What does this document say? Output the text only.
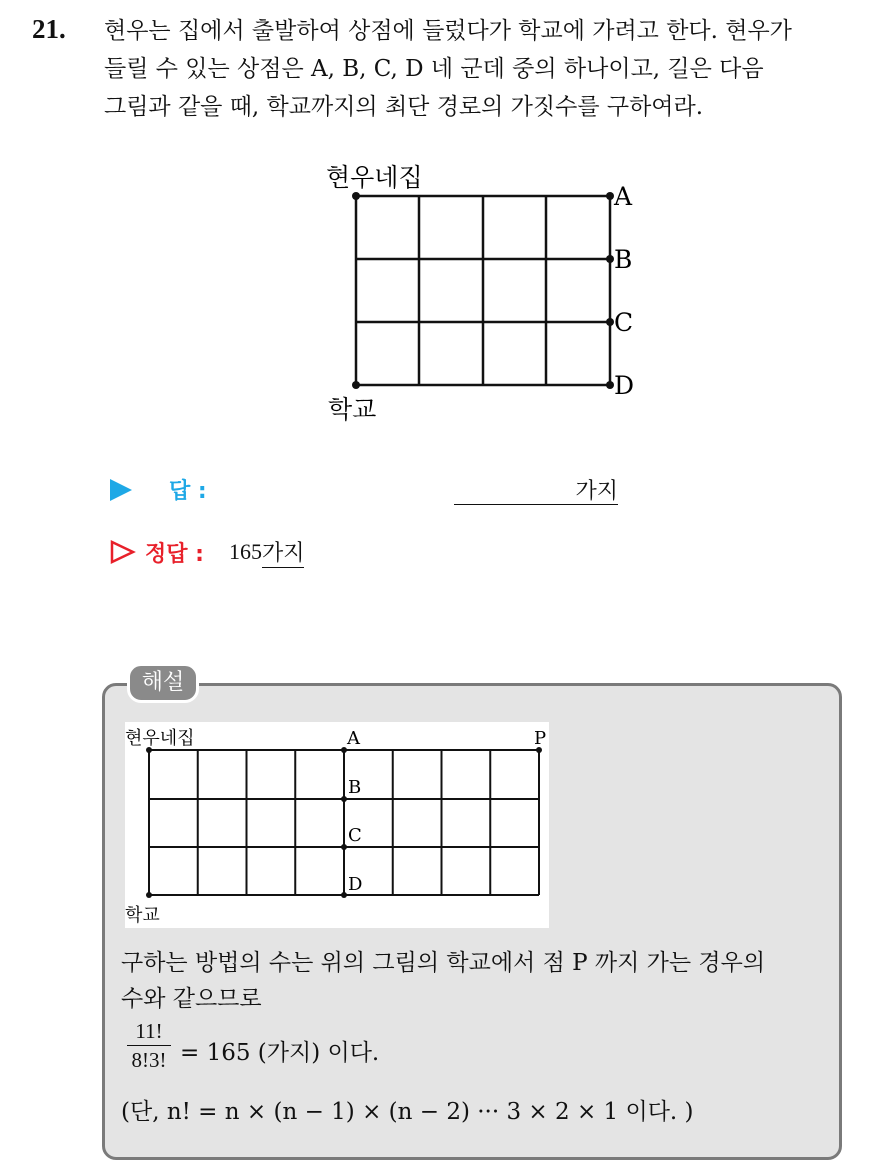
21. 현우는 집에서 출발하여 상점에 들렀다가 학교에 가려고 한다. 현우가

들릴 수 있는 상점은 A, B, C, D 네 군데 중의 하나이고, 길은 다음

그림과 같을 때, 학교까지의 최단 경로의 가짓수를 구하여라.

현우네집
학교
A
B
C
D
답 :	가지
정답 : 165가지
해설
현우네집
학교
A
B
C
D
P
구하는 방법의 수는 위의 그림의 학교에서 점 P 까지 가는 경우의
수와 같으므로
$\frac{11!}{8!3!} = 165$ (가지) 이다.
(단, n! = n × (n − 1) × (n − 2) ··· 3 × 2 × 1 이다. )
